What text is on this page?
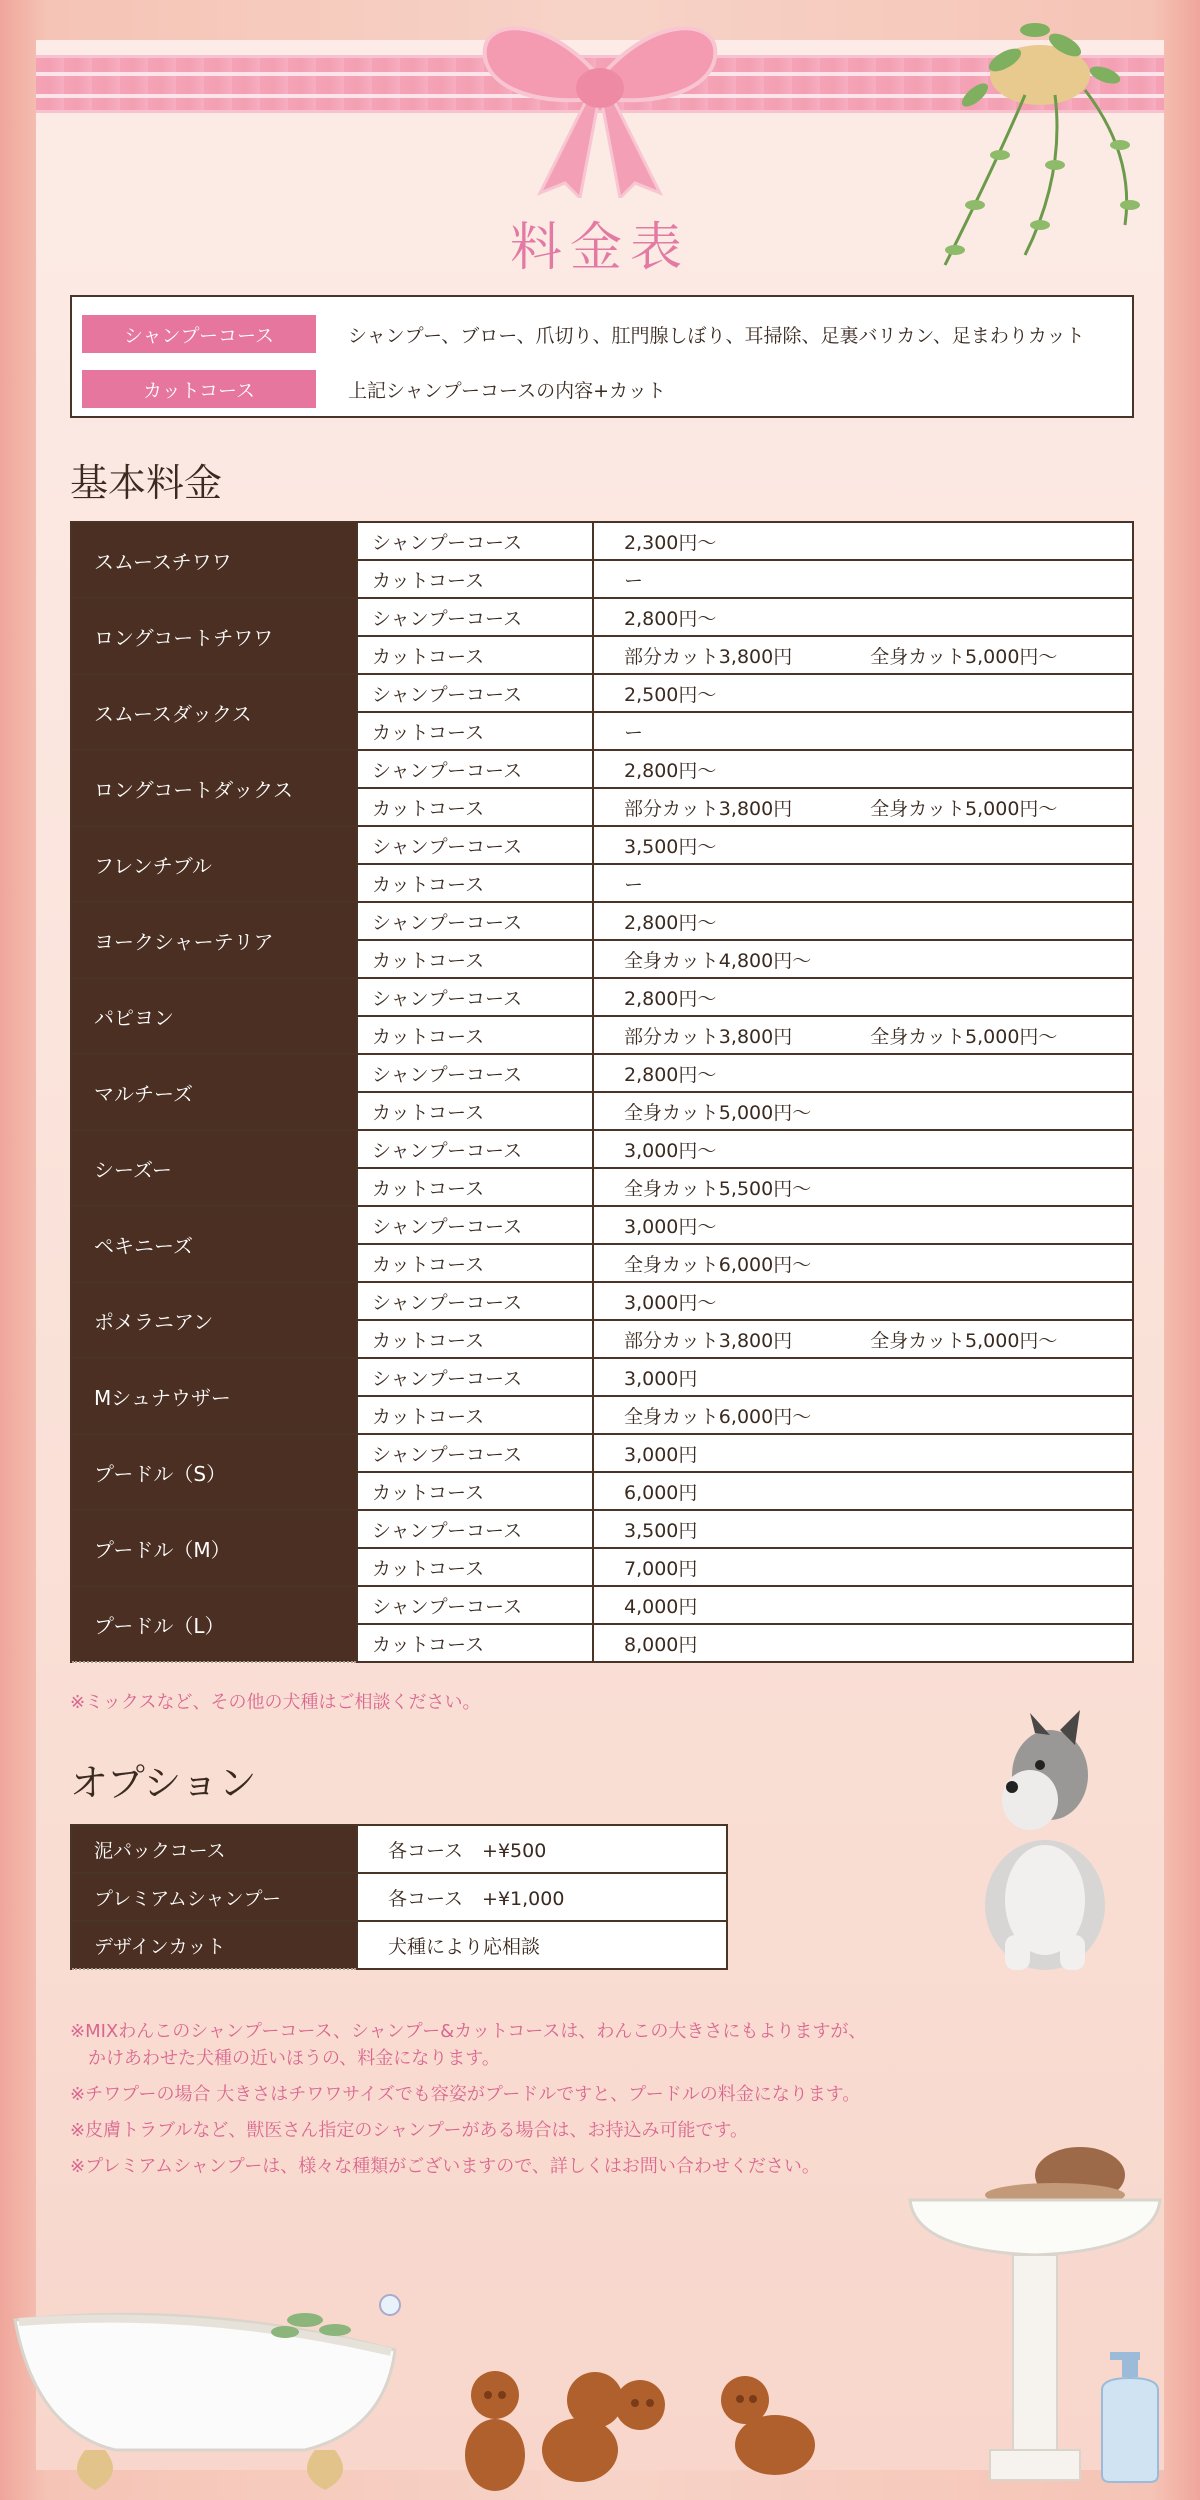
料金表
シャンプーコース	シャンプー、ブロー、爪切り、肛門腺しぼり、耳掃除、足裏バリカン、足まわりカット
カットコース	上記シャンプーコースの内容+カット
基本料金
スムースチワワ	シャンプーコース	2,300円～
	カットコース	ー
ロングコートチワワ	シャンプーコース	2,800円～
	カットコース	部分カット3,800円 全身カット5,000円～
スムースダックス	シャンプーコース	2,500円～
	カットコース	ー
ロングコートダックス	シャンプーコース	2,800円～
	カットコース	部分カット3,800円 全身カット5,000円～
フレンチブル	シャンプーコース	3,500円～
	カットコース	ー
ヨークシャーテリア	シャンプーコース	2,800円～
	カットコース	全身カット4,800円～
パピヨン	シャンプーコース	2,800円～
	カットコース	部分カット3,800円 全身カット5,000円～
マルチーズ	シャンプーコース	2,800円～
	カットコース	全身カット5,000円～
シーズー	シャンプーコース	3,000円～
	カットコース	全身カット5,500円～
ペキニーズ	シャンプーコース	3,000円～
	カットコース	全身カット6,000円～
ポメラニアン	シャンプーコース	3,000円～
	カットコース	部分カット3,800円 全身カット5,000円～
Mシュナウザー	シャンプーコース	3,000円
	カットコース	全身カット6,000円～
プードル（S）	シャンプーコース	3,000円
	カットコース	6,000円
プードル（M）	シャンプーコース	3,500円
	カットコース	7,000円
プードル（L）	シャンプーコース	4,000円
	カットコース	8,000円
※ミックスなど、その他の犬種はご相談ください。
オプション
泥パックコース	各コース　+¥500
プレミアムシャンプー	各コース　+¥1,000
デザインカット	犬種により応相談

※MIXわんこのシャンプーコース、シャンプー&カットコースは、わんこの大きさにもよりますが、
　かけあわせた犬種の近いほうの、料金になります。

※チワプーの場合 大きさはチワワサイズでも容姿がプードルですと、プードルの料金になります。

※皮膚トラブルなど、獣医さん指定のシャンプーがある場合は、お持込み可能です。

※プレミアムシャンプーは、様々な種類がございますので、詳しくはお問い合わせください。
